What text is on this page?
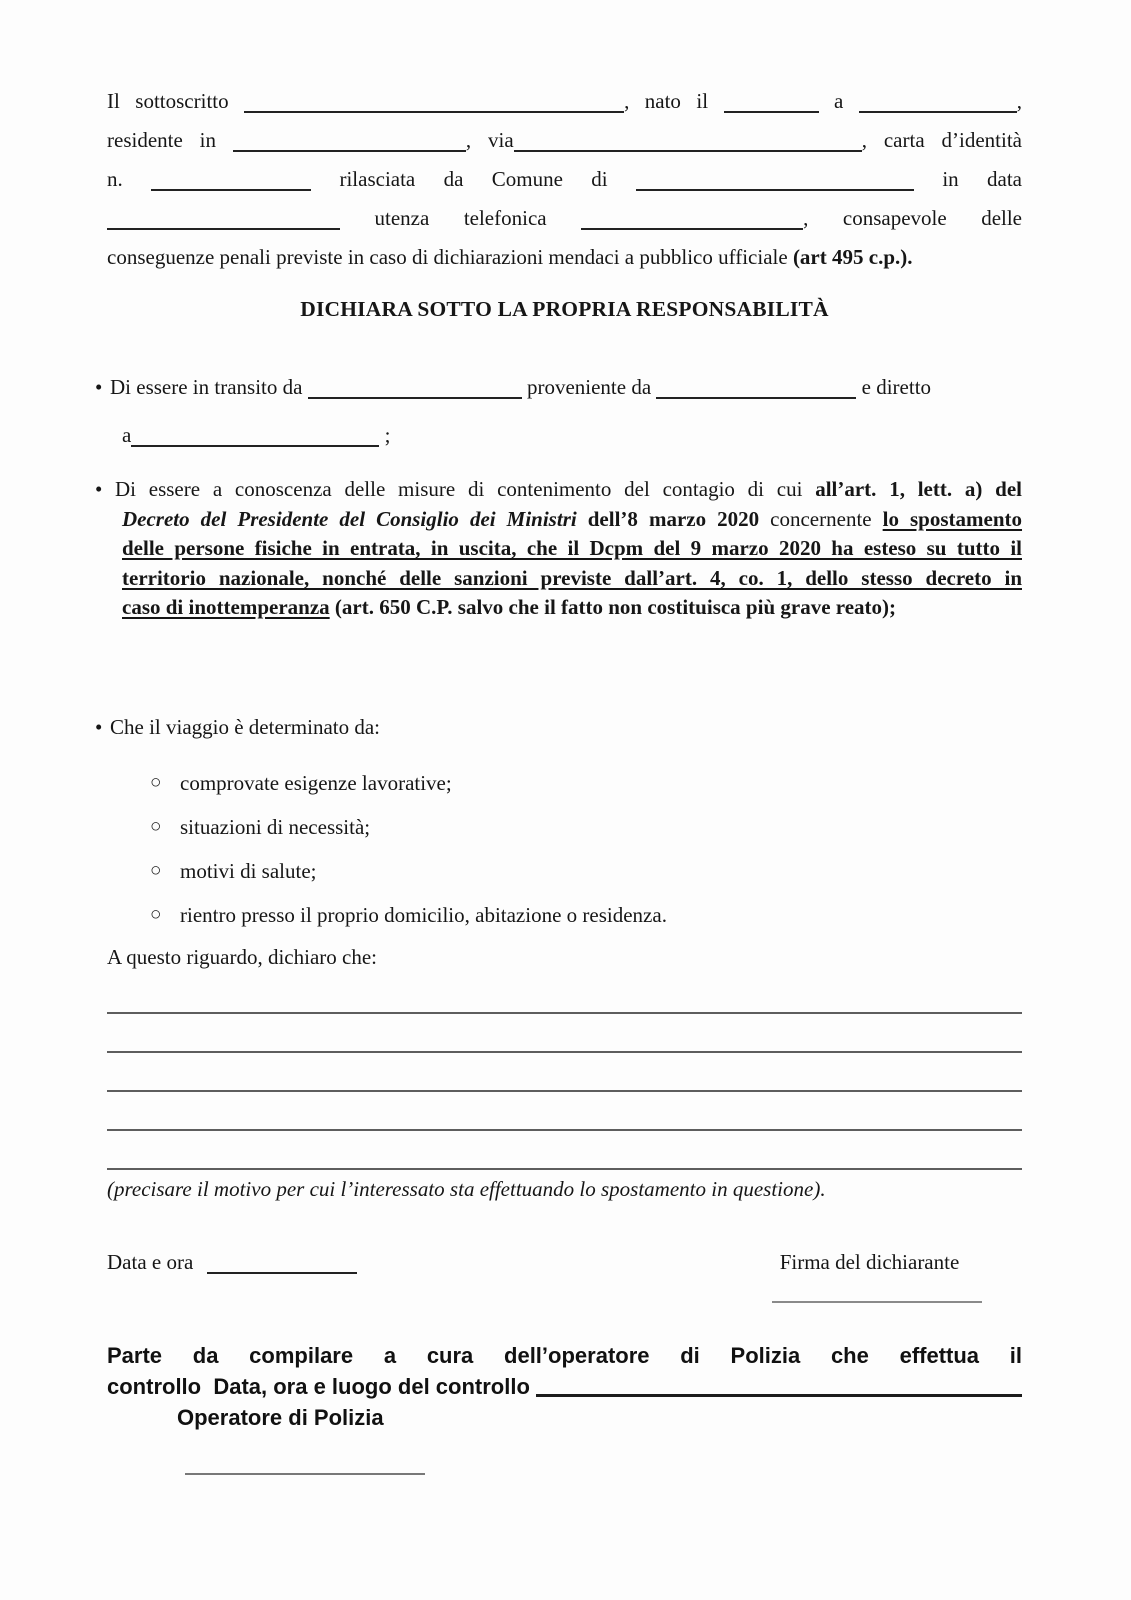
Il sottoscritto	, nato il	a	,
residente in	, via	, carta d’identità
n.	rilasciata da Comune di	in data
utenza telefonica	, consapevole delle
conseguenze penali previste in caso di dichiarazioni mendaci a pubblico ufficiale (art 495 c.p.).
DICHIARA SOTTO LA PROPRIA RESPONSABILITÀ
• Di essere in transito da	proveniente da	e diretto
a	;
• Di essere a conoscenza delle misure di contenimento del contagio di cui all’art. 1, lett. a) del
Decreto del Presidente del Consiglio dei Ministri dell’8 marzo 2020 concernente lo spostamento
delle persone fisiche in entrata, in uscita, che il Dcpm del 9 marzo 2020 ha esteso su tutto il
territorio nazionale, nonché delle sanzioni previste dall’art. 4, co. 1, dello stesso decreto in
caso di inottemperanza (art. 650 C.P. salvo che il fatto non costituisca più grave reato);
• Che il viaggio è determinato da:
○ comprovate esigenze lavorative;
○ situazioni di necessità;
○ motivi di salute;
○ rientro presso il proprio domicilio, abitazione o residenza.
A questo riguardo, dichiaro che:
(precisare il motivo per cui l’interessato sta effettuando lo spostamento in questione).
Data e ora	Firma del dichiarante
Parte da compilare a cura dell’operatore di Polizia che effettua il
controllo  Data, ora e luogo del controllo
Operatore di Polizia
